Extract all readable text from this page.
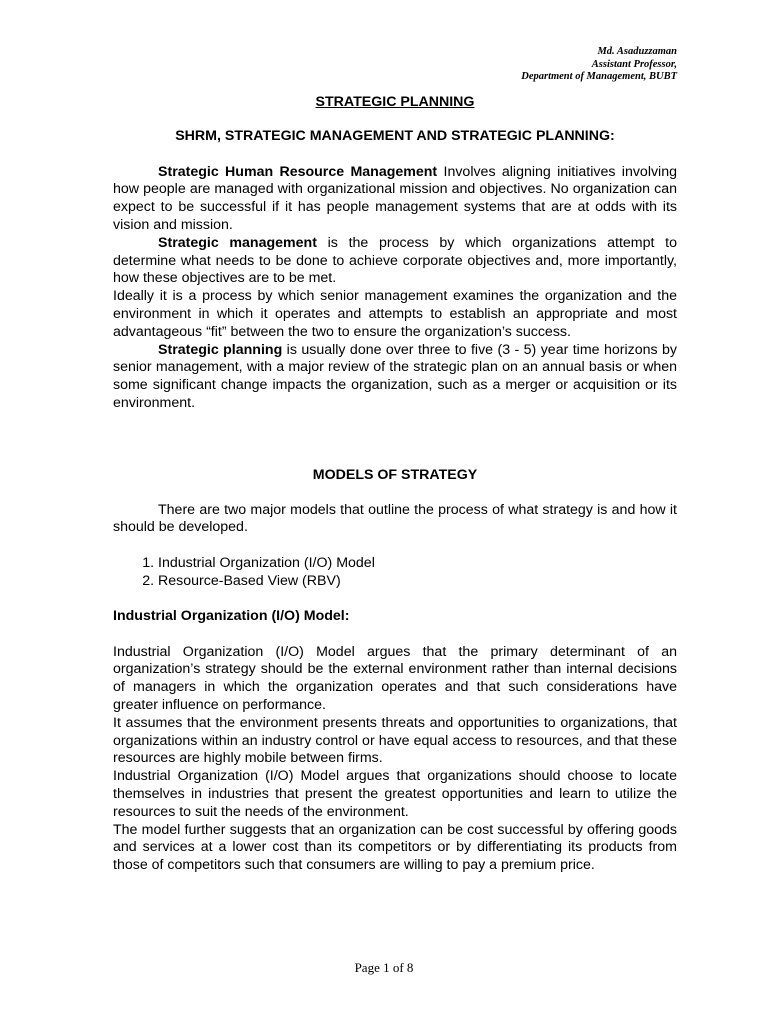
Md. Asaduzzaman
Assistant Professor,
Department of Management, BUBT

STRATEGIC PLANNING

SHRM, STRATEGIC MANAGEMENT AND STRATEGIC PLANNING:

Strategic Human Resource Management Involves aligning initiatives involving how people are managed with organizational mission and objectives. No organization can expect to be successful if it has people management systems that are at odds with its vision and mission.

Strategic management is the process by which organizations attempt to determine what needs to be done to achieve corporate objectives and, more importantly, how these objectives are to be met.

Ideally it is a process by which senior management examines the organization and the environment in which it operates and attempts to establish an appropriate and most advantageous “fit” between the two to ensure the organization’s success.

Strategic planning is usually done over three to five (3 - 5) year time horizons by senior management, with a major review of the strategic plan on an annual basis or when some significant change impacts the organization, such as a merger or acquisition or its environment.

MODELS OF STRATEGY

There are two major models that outline the process of what strategy is and how it should be developed.

1. Industrial Organization (I/O) Model
2. Resource-Based View (RBV)

Industrial Organization (I/O) Model:

Industrial Organization (I/O) Model argues that the primary determinant of an organization’s strategy should be the external environment rather than internal decisions of managers in which the organization operates and that such considerations have greater influence on performance.

It assumes that the environment presents threats and opportunities to organizations, that organizations within an industry control or have equal access to resources, and that these resources are highly mobile between firms.

Industrial Organization (I/O) Model argues that organizations should choose to locate themselves in industries that present the greatest opportunities and learn to utilize the resources to suit the needs of the environment.

The model further suggests that an organization can be cost successful by offering goods and services at a lower cost than its competitors or by differentiating its products from those of competitors such that consumers are willing to pay a premium price.

Page 1 of 8
